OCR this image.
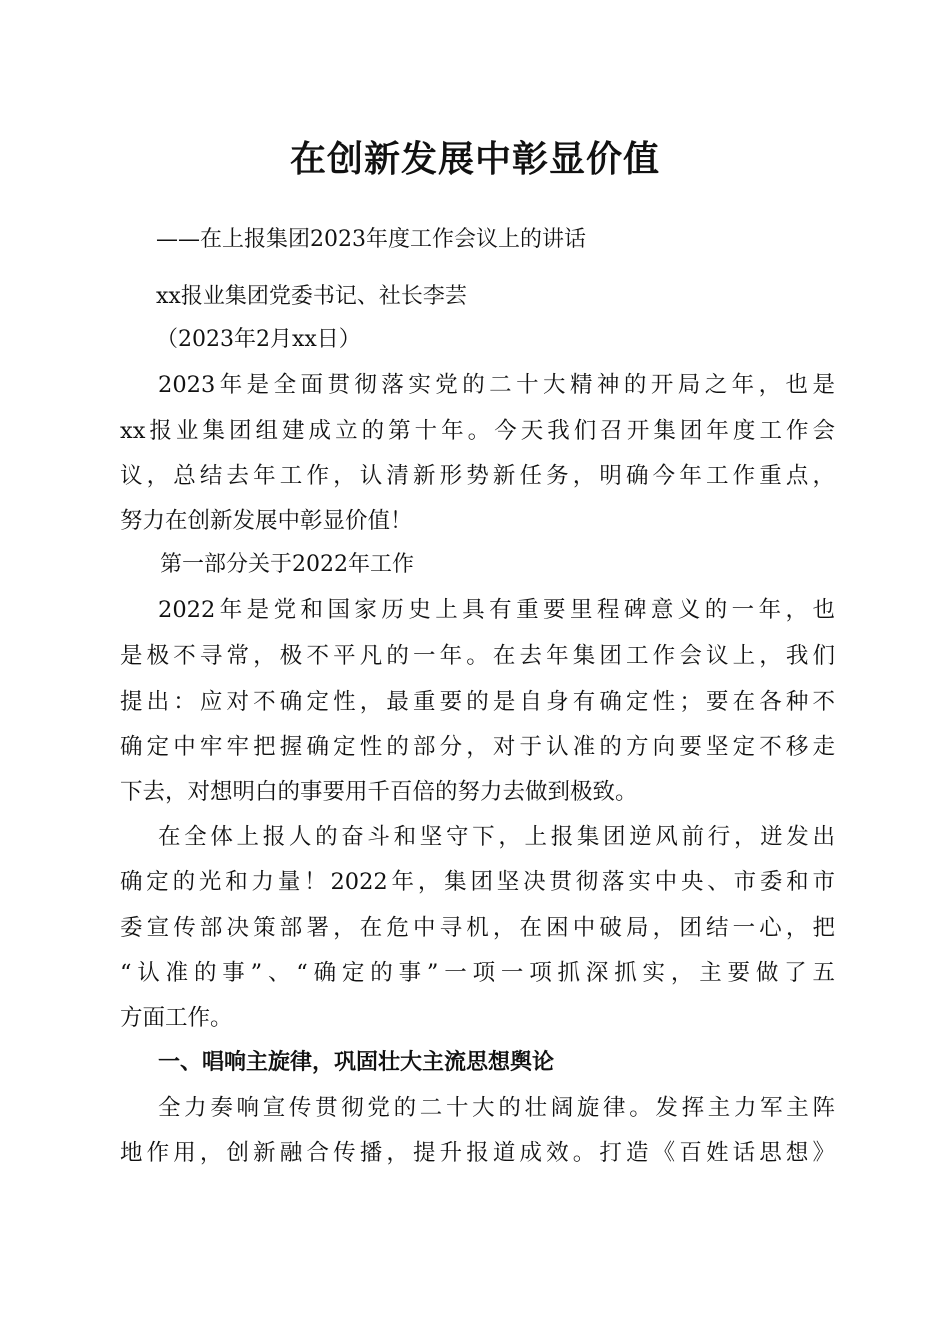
在创新发展中彰显价值
——在上报集团2023年度工作会议上的讲话
xx报业集团党委书记、社长李芸
（2023年2月xx日）
2023年是全面贯彻落实党的二十大精神的开局之年，也是
xx报业集团组建成立的第十年。今天我们召开集团年度工作会
议，总结去年工作，认清新形势新任务，明确今年工作重点，
努力在创新发展中彰显价值！
第一部分关于2022年工作
2022年是党和国家历史上具有重要里程碑意义的一年，也
是极不寻常，极不平凡的一年。在去年集团工作会议上，我们
提出：应对不确定性，最重要的是自身有确定性；要在各种不
确定中牢牢把握确定性的部分，对于认准的方向要坚定不移走
下去，对想明白的事要用千百倍的努力去做到极致。
在全体上报人的奋斗和坚守下，上报集团逆风前行，迸发出
确定的光和力量！2022年，集团坚决贯彻落实中央、市委和市
委宣传部决策部署，在危中寻机，在困中破局，团结一心，把
“认准的事”、“确定的事”一项一项抓深抓实，主要做了五
方面工作。
一、唱响主旋律，巩固壮大主流思想舆论
全力奏响宣传贯彻党的二十大的壮阔旋律。发挥主力军主阵
地作用，创新融合传播，提升报道成效。打造《百姓话思想》
